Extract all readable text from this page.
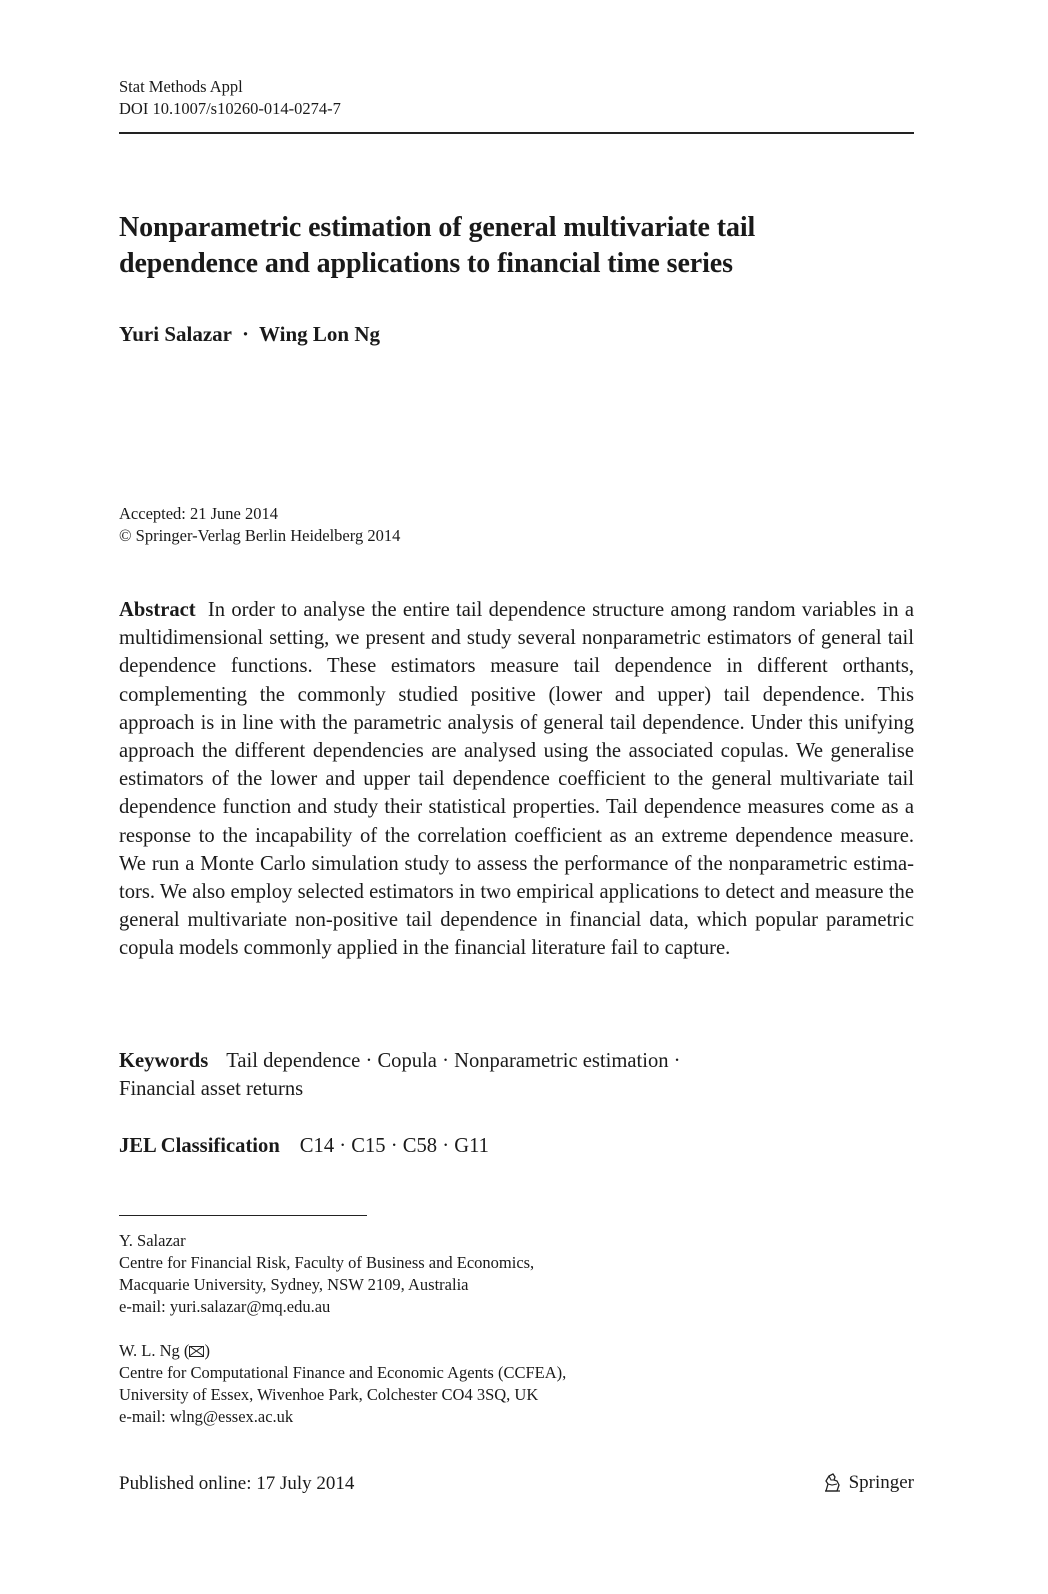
Stat Methods Appl
DOI 10.1007/s10260-014-0274-7
Nonparametric estimation of general multivariate tail
dependence and applications to financial time series
Yuri Salazar · Wing Lon Ng
Accepted: 21 June 2014
© Springer-Verlag Berlin Heidelberg 2014
Abstract In order to analyse the entire tail dependence structure among random variables in a multidimensional setting, we present and study several nonparametric estimators of general tail dependence functions. These estimators measure tail dependence in different orthants, complementing the commonly studied positive (lower and upper) tail dependence. This approach is in line with the parametric analysis of general tail dependence. Under this unifying approach the different dependencies are analysed using the associated copulas. We generalise estimators of the lower and upper tail dependence coefficient to the general multivariate tail dependence function and study their statistical properties. Tail dependence measures come as a response to the incapability of the correlation coefficient as an extreme dependence measure. We run a Monte Carlo simulation study to assess the performance of the nonparametric estimators. We also employ selected estimators in two empirical applications to detect and measure the general multivariate non-positive tail dependence in financial data, which popular parametric copula models commonly applied in the financial literature fail to capture.
Keywords Tail dependence · Copula · Nonparametric estimation ·
Financial asset returns
JEL Classification C14 · C15 · C58 · G11
Y. Salazar
Centre for Financial Risk, Faculty of Business and Economics,
Macquarie University, Sydney, NSW 2109, Australia
e-mail: yuri.salazar@mq.edu.au
W. L. Ng ( )
Centre for Computational Finance and Economic Agents (CCFEA),
University of Essex, Wivenhoe Park, Colchester CO4 3SQ, UK
e-mail: wlng@essex.ac.uk
Published online: 17 July 2014	Springer
